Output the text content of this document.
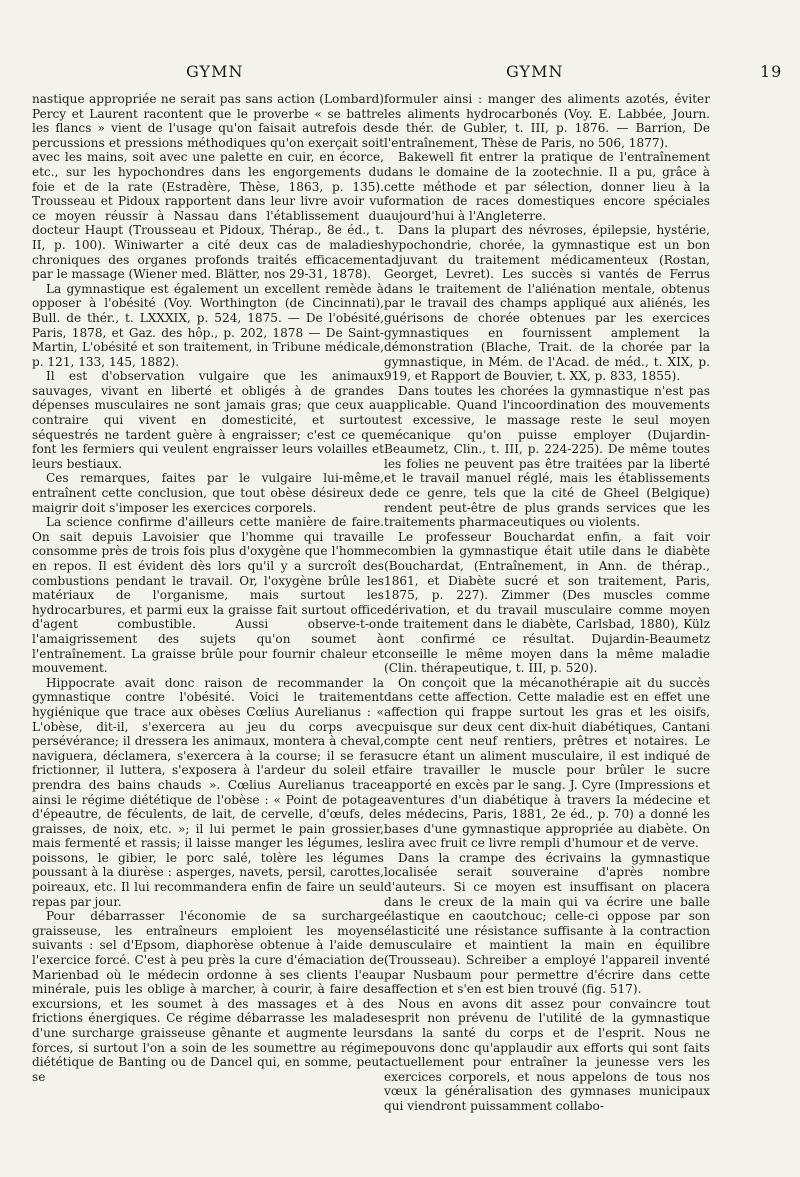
GYMN	GYMN	19

nastique appropriée ne serait pas sans action (Lombard) Percy et Laurent racontent que le proverbe « se battre les flancs » vient de l'usage qu'on faisait autrefois des percussions et pressions méthodiques qu'on exerçait soit avec les mains, soit avec une palette en cuir, en écorce, etc., sur les hypochondres dans les engorgements du foie et de la rate (Estradère, Thèse, 1863, p. 135). Trousseau et Pidoux rapportent dans leur livre avoir vu ce moyen réussir à Nassau dans l'établissement du docteur Haupt (Trousseau et Pidoux, Thérap., 8e éd., t. II, p. 100). Winiwarter a cité deux cas de maladies chroniques des organes profonds traités efficacement par le massage (Wiener med. Blätter, nos 29-31, 1878).

La gymnastique est également un excellent remède à opposer à l'obésité (Voy. Worthington (de Cincinnati), Bull. de thér., t. LXXXIX, p. 524, 1875. — De l'obésité, Paris, 1878, et Gaz. des hôp., p. 202, 1878 — De Saint-Martin, L'obésité et son traitement, in Tribune médicale, p. 121, 133, 145, 1882).

Il est d'observation vulgaire que les animaux sauvages, vivant en liberté et obligés à de grandes dépenses musculaires ne sont jamais gras; que ceux au contraire qui vivent en domesticité, et surtout séquestrés ne tardent guère à engraisser; c'est ce que font les fermiers qui veulent engraisser leurs volailles et leurs bestiaux.

Ces remarques, faites par le vulgaire lui-même, entraînent cette conclusion, que tout obèse désireux de maigrir doit s'imposer les exercices corporels.

La science confirme d'ailleurs cette manière de faire. On sait depuis Lavoisier que l'homme qui travaille consomme près de trois fois plus d'oxygène que l'homme en repos. Il est évident dès lors qu'il y a surcroît des combustions pendant le travail. Or, l'oxygène brûle les matériaux de l'organisme, mais surtout les hydrocarbures, et parmi eux la graisse fait surtout office d'agent combustible. Aussi observe-t-on l'amaigrissement des sujets qu'on soumet à l'entraînement. La graisse brûle pour fournir chaleur et mouvement.

Hippocrate avait donc raison de recommander la gymnastique contre l'obésité. Voici le traitement hygiénique que trace aux obèses Cœlius Aurelianus : « L'obèse, dit-il, s'exercera au jeu du corps avec persévérance; il dressera les animaux, montera à cheval, naviguera, déclamera, s'exercera à la course; il se fera frictionner, il luttera, s'exposera à l'ardeur du soleil et prendra des bains chauds ». Cœlius Aurelianus trace ainsi le régime diététique de l'obèse : « Point de potage d'épeautre, de féculents, de lait, de cervelle, d'œufs, de graisses, de noix, etc. »; il lui permet le pain grossier, mais fermenté et rassis; il laisse manger les légumes, les poissons, le gibier, le porc salé, tolère les légumes poussant à la diurèse : asperges, navets, persil, carottes, poireaux, etc. Il lui recommandera enfin de faire un seul repas par jour.

Pour débarrasser l'économie de sa surcharge graisseuse, les entraîneurs emploient les moyens suivants : sel d'Epsom, diaphorèse obtenue à l'aide de l'exercice forcé. C'est à peu près la cure d'émaciation de Marienbad où le médecin ordonne à ses clients l'eau minérale, puis les oblige à marcher, à courir, à faire des excursions, et les soumet à des massages et à des frictions énergiques. Ce régime débarrasse les malades d'une surcharge graisseuse gênante et augmente leurs forces, si surtout l'on a soin de les soumettre au régime diététique de Banting ou de Dancel qui, en somme, peut se

formuler ainsi : manger des aliments azotés, éviter les aliments hydrocarbonés (Voy. E. Labbée, Journ. de thér. de Gubler, t. III, p. 1876. — Barrion, De l'entraînement, Thèse de Paris, no 506, 1877).

Bakewell fit entrer la pratique de l'entraînement dans le domaine de la zootechnie. Il a pu, grâce à cette méthode et par sélection, donner lieu à la formation de races domestiques encore spéciales aujourd'hui à l'Angleterre.

Dans la plupart des névroses, épilepsie, hystérie, hypochondrie, chorée, la gymnastique est un bon adjuvant du traitement médicamenteux (Rostan, Georget, Levret). Les succès si vantés de Ferrus dans le traitement de l'aliénation mentale, obtenus par le travail des champs appliqué aux aliénés, les guérisons de chorée obtenues par les exercices gymnastiques en fournissent amplement la démonstration (Blache, Trait. de la chorée par la gymnastique, in Mém. de l'Acad. de méd., t. XIX, p. 919, et Rapport de Bouvier, t. XX, p. 833, 1855).

Dans toutes les chorées la gymnastique n'est pas applicable. Quand l'incoordination des mouvements est excessive, le massage reste le seul moyen mécanique qu'on puisse employer (Dujardin-Beaumetz, Clin., t. III, p. 224-225). De même toutes les folies ne peuvent pas être traitées par la liberté et le travail manuel réglé, mais les établissements de ce genre, tels que la cité de Gheel (Belgique) rendent peut-être de plus grands services que les traitements pharmaceutiques ou violents.

Le professeur Bouchardat enfin, a fait voir combien la gymnastique était utile dans le diabète (Bouchardat, (Entraînement, in Ann. de thérap., 1861, et Diabète sucré et son traitement, Paris, 1875, p. 227). Zimmer (Des muscles comme dérivation, et du travail musculaire comme moyen de traitement dans le diabète, Carlsbad, 1880), Külz ont confirmé ce résultat. Dujardin-Beaumetz conseille le même moyen dans la même maladie (Clin. thérapeutique, t. III, p. 520).

On conçoit que la mécanothérapie ait du succès dans cette affection. Cette maladie est en effet une affection qui frappe surtout les gras et les oisifs, puisque sur deux cent dix-huit diabétiques, Cantani compte cent neuf rentiers, prêtres et notaires. Le sucre étant un aliment musculaire, il est indiqué de faire travailler le muscle pour brûler le sucre apporté en excès par le sang. J. Cyre (Impressions et aventures d'un diabétique à travers la médecine et les médecins, Paris, 1881, 2e éd., p. 70) a donné les bases d'une gymnastique appropriée au diabète. On lira avec fruit ce livre rempli d'humour et de verve.

Dans la crampe des écrivains la gymnastique localisée serait souveraine d'après nombre d'auteurs. Si ce moyen est insuffisant on placera dans le creux de la main qui va écrire une balle élastique en caoutchouc; celle-ci oppose par son élasticité une résistance suffisante à la contraction musculaire et maintient la main en équilibre (Trousseau). Schreiber a employé l'appareil inventé par Nusbaum pour permettre d'écrire dans cette affection et s'en est bien trouvé (fig. 517).

Nous en avons dit assez pour convaincre tout esprit non prévenu de l'utilité de la gymnastique dans la santé du corps et de l'esprit. Nous ne pouvons donc qu'applaudir aux efforts qui sont faits actuellement pour entraîner la jeunesse vers les exercices corporels, et nous appelons de tous nos vœux la généralisation des gymnases municipaux qui viendront puissamment collabo-
